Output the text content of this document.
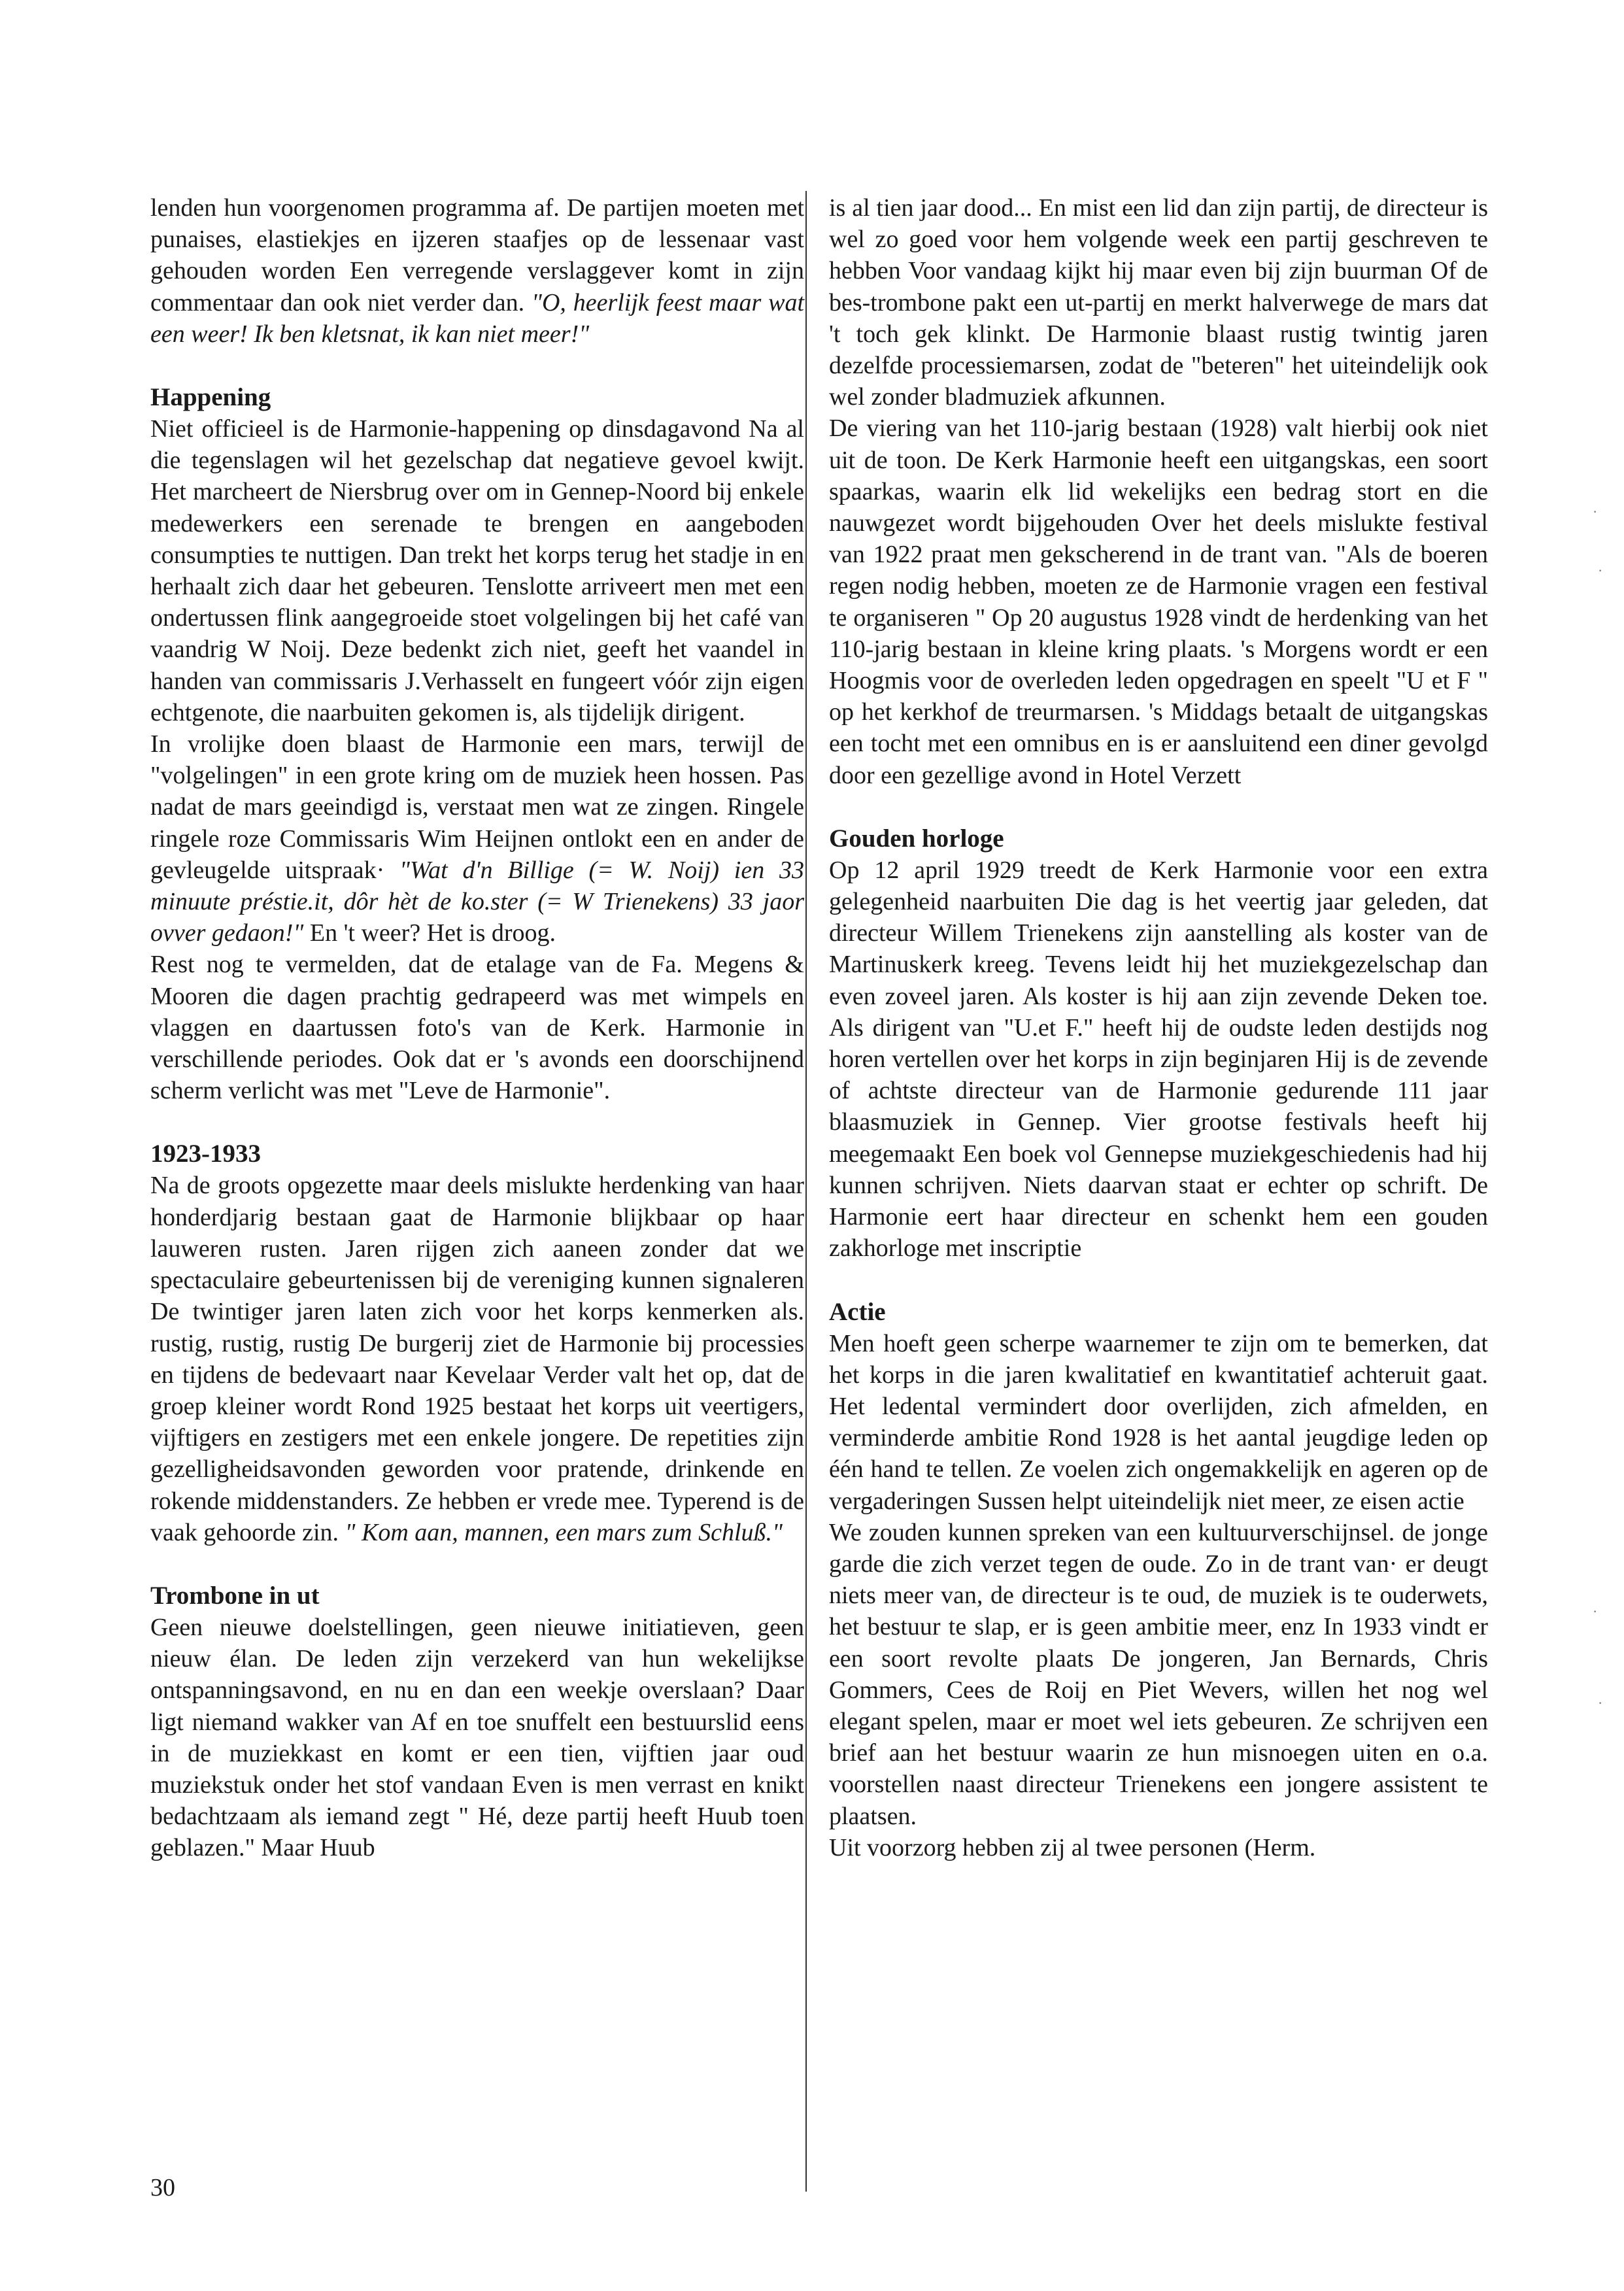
lenden hun voorgenomen programma af. De partijen moeten met punaises, elastiekjes en ijzeren staafjes op de lessenaar vast gehouden worden Een verregende verslaggever komt in zijn commentaar dan ook niet verder dan. "O, heerlijk feest maar wat een weer! Ik ben kletsnat, ik kan niet meer!"

Happening

Niet officieel is de Harmonie-happening op dinsdagavond Na al die tegenslagen wil het gezelschap dat negatieve gevoel kwijt. Het marcheert de Niersbrug over om in Gennep-Noord bij enkele medewerkers een serenade te brengen en aangeboden consumpties te nuttigen. Dan trekt het korps terug het stadje in en herhaalt zich daar het gebeuren. Tenslotte arriveert men met een ondertussen flink aangegroeide stoet volgelingen bij het café van vaandrig W Noij. Deze bedenkt zich niet, geeft het vaandel in handen van commissaris J.Verhasselt en fungeert vóór zijn eigen echtgenote, die naarbuiten gekomen is, als tijdelijk dirigent.

In vrolijke doen blaast de Harmonie een mars, terwijl de "volgelingen" in een grote kring om de muziek heen hossen. Pas nadat de mars geeindigd is, verstaat men wat ze zingen. Ringele ringele roze Commissaris Wim Heijnen ontlokt een en ander de gevleugelde uitspraak· "Wat d'n Billige (= W. Noij) ien 33 minuute préstie.it, dôr hèt de ko.ster (= W Trienekens) 33 jaor ovver gedaon!" En 't weer? Het is droog.

Rest nog te vermelden, dat de etalage van de Fa. Megens & Mooren die dagen prachtig gedrapeerd was met wimpels en vlaggen en daartussen foto's van de Kerk. Harmonie in verschillende periodes. Ook dat er 's avonds een doorschijnend scherm verlicht was met "Leve de Harmonie".

1923-1933

Na de groots opgezette maar deels mislukte herdenking van haar honderdjarig bestaan gaat de Harmonie blijkbaar op haar lauweren rusten. Jaren rijgen zich aaneen zonder dat we spectaculaire gebeurtenissen bij de vereniging kunnen signaleren De twintiger jaren laten zich voor het korps kenmerken als. rustig, rustig, rustig De burgerij ziet de Harmonie bij processies en tijdens de bedevaart naar Kevelaar Verder valt het op, dat de groep kleiner wordt Rond 1925 bestaat het korps uit veertigers, vijftigers en zestigers met een enkele jongere. De repetities zijn gezelligheidsavonden geworden voor pratende, drinkende en rokende middenstanders. Ze hebben er vrede mee. Typerend is de vaak gehoorde zin. " Kom aan, mannen, een mars zum Schluß."

Trombone in ut

Geen nieuwe doelstellingen, geen nieuwe initiatieven, geen nieuw élan. De leden zijn verzekerd van hun wekelijkse ontspanningsavond, en nu en dan een weekje overslaan? Daar ligt niemand wakker van Af en toe snuffelt een bestuurslid eens in de muziekkast en komt er een tien, vijftien jaar oud muziekstuk onder het stof vandaan Even is men verrast en knikt bedachtzaam als iemand zegt " Hé, deze partij heeft Huub toen geblazen." Maar Huub

is al tien jaar dood... En mist een lid dan zijn partij, de directeur is wel zo goed voor hem volgende week een partij geschreven te hebben Voor vandaag kijkt hij maar even bij zijn buurman Of de bes-trombone pakt een ut-partij en merkt halverwege de mars dat 't toch gek klinkt. De Harmonie blaast rustig twintig jaren dezelfde processiemarsen, zodat de "beteren" het uiteindelijk ook wel zonder bladmuziek afkunnen.

De viering van het 110-jarig bestaan (1928) valt hierbij ook niet uit de toon. De Kerk Harmonie heeft een uitgangskas, een soort spaarkas, waarin elk lid wekelijks een bedrag stort en die nauwgezet wordt bijgehouden Over het deels mislukte festival van 1922 praat men gekscherend in de trant van. "Als de boeren regen nodig hebben, moeten ze de Harmonie vragen een festival te organiseren " Op 20 augustus 1928 vindt de herdenking van het 110-jarig bestaan in kleine kring plaats. 's Morgens wordt er een Hoogmis voor de overleden leden opgedragen en speelt "U et F " op het kerkhof de treurmarsen. 's Middags betaalt de uitgangskas een tocht met een omnibus en is er aansluitend een diner gevolgd door een gezellige avond in Hotel Verzett

Gouden horloge

Op 12 april 1929 treedt de Kerk Harmonie voor een extra gelegenheid naarbuiten Die dag is het veertig jaar geleden, dat directeur Willem Trienekens zijn aanstelling als koster van de Martinuskerk kreeg. Tevens leidt hij het muziekgezelschap dan even zoveel jaren. Als koster is hij aan zijn zevende Deken toe. Als dirigent van "U.et F." heeft hij de oudste leden destijds nog horen vertellen over het korps in zijn beginjaren Hij is de zevende of achtste directeur van de Harmonie gedurende 111 jaar blaasmuziek in Gennep. Vier grootse festivals heeft hij meegemaakt Een boek vol Gennepse muziekgeschiedenis had hij kunnen schrijven. Niets daarvan staat er echter op schrift. De Harmonie eert haar directeur en schenkt hem een gouden zakhorloge met inscriptie

Actie

Men hoeft geen scherpe waarnemer te zijn om te bemerken, dat het korps in die jaren kwalitatief en kwantitatief achteruit gaat. Het ledental vermindert door overlijden, zich afmelden, en verminderde ambitie Rond 1928 is het aantal jeugdige leden op één hand te tellen. Ze voelen zich ongemakkelijk en ageren op de vergaderingen Sussen helpt uiteindelijk niet meer, ze eisen actie

We zouden kunnen spreken van een kultuurverschijnsel. de jonge garde die zich verzet tegen de oude. Zo in de trant van· er deugt niets meer van, de directeur is te oud, de muziek is te ouderwets, het bestuur te slap, er is geen ambitie meer, enz In 1933 vindt er een soort revolte plaats De jongeren, Jan Bernards, Chris Gommers, Cees de Roij en Piet Wevers, willen het nog wel elegant spelen, maar er moet wel iets gebeuren. Ze schrijven een brief aan het bestuur waarin ze hun misnoegen uiten en o.a. voorstellen naast directeur Trienekens een jongere assistent te plaatsen.

Uit voorzorg hebben zij al twee personen (Herm.

30
·
·
·
·
